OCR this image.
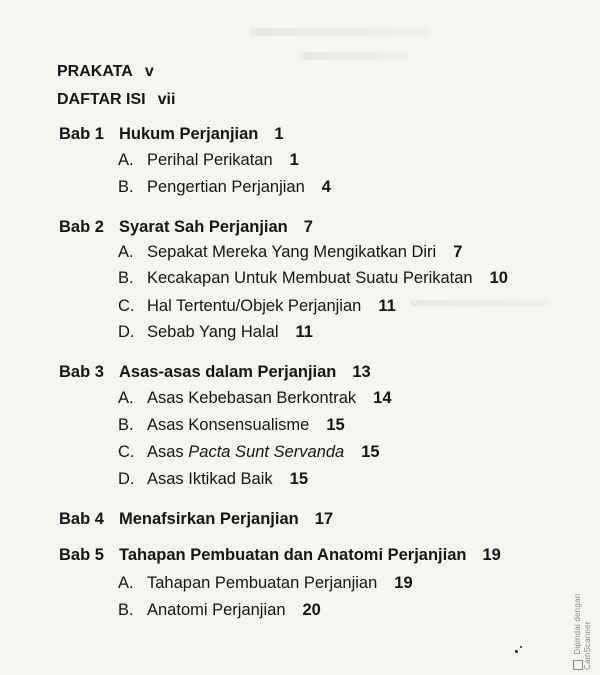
PRAKATA v
DAFTAR ISI vii
Bab 1 Hukum Perjanjian 1
A. Perihal Perikatan 1
B. Pengertian Perjanjian 4
Bab 2 Syarat Sah Perjanjian 7
A. Sepakat Mereka Yang Mengikatkan Diri 7
B. Kecakapan Untuk Membuat Suatu Perikatan 10
C. Hal Tertentu/Objek Perjanjian 11
D. Sebab Yang Halal 11
Bab 3 Asas-asas dalam Perjanjian 13
A. Asas Kebebasan Berkontrak 14
B. Asas Konsensualisme 15
C. Asas Pacta Sunt Servanda 15
D. Asas Iktikad Baik 15
Bab 4 Menafsirkan Perjanjian 17
Bab 5 Tahapan Pembuatan dan Anatomi Perjanjian 19
A. Tahapan Pembuatan Perjanjian 19
B. Anatomi Perjanjian 20	Dipindai dengan CamScanner
